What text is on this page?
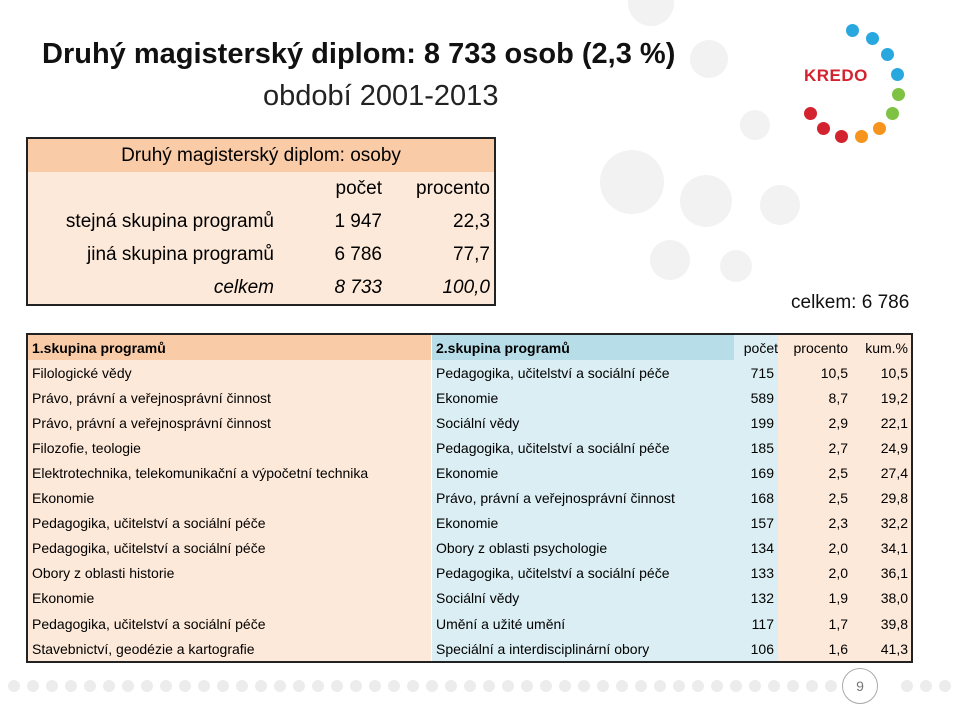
Druhý magisterský diplom: 8 733 osob (2,3 %)
období 2001-2013
KREDO
Druhý magisterský diplom: osoby		
	počet	procento
stejná skupina programů	1 947	22,3
jiná skupina programů	6 786	77,7
celkem	8 733	100,0
celkem: 6 786
1.skupina programů	2.skupina programů	počet	procento	kum.%
Filologické vědy	Pedagogika, učitelství a sociální péče	715	10,5	10,5
Právo, právní a veřejnosprávní činnost	Ekonomie	589	8,7	19,2
Právo, právní a veřejnosprávní činnost	Sociální vědy	199	2,9	22,1
Filozofie, teologie	Pedagogika, učitelství a sociální péče	185	2,7	24,9
Elektrotechnika, telekomunikační a výpočetní technika	Ekonomie	169	2,5	27,4
Ekonomie	Právo, právní a veřejnosprávní činnost	168	2,5	29,8
Pedagogika, učitelství a sociální péče	Ekonomie	157	2,3	32,2
Pedagogika, učitelství a sociální péče	Obory z oblasti psychologie	134	2,0	34,1
Obory z oblasti historie	Pedagogika, učitelství a sociální péče	133	2,0	36,1
Ekonomie	Sociální vědy	132	1,9	38,0
Pedagogika, učitelství a sociální péče	Umění a užité umění	117	1,7	39,8
Stavebnictví, geodézie a kartografie	Speciální a interdisciplinární obory	106	1,6	41,3
9
